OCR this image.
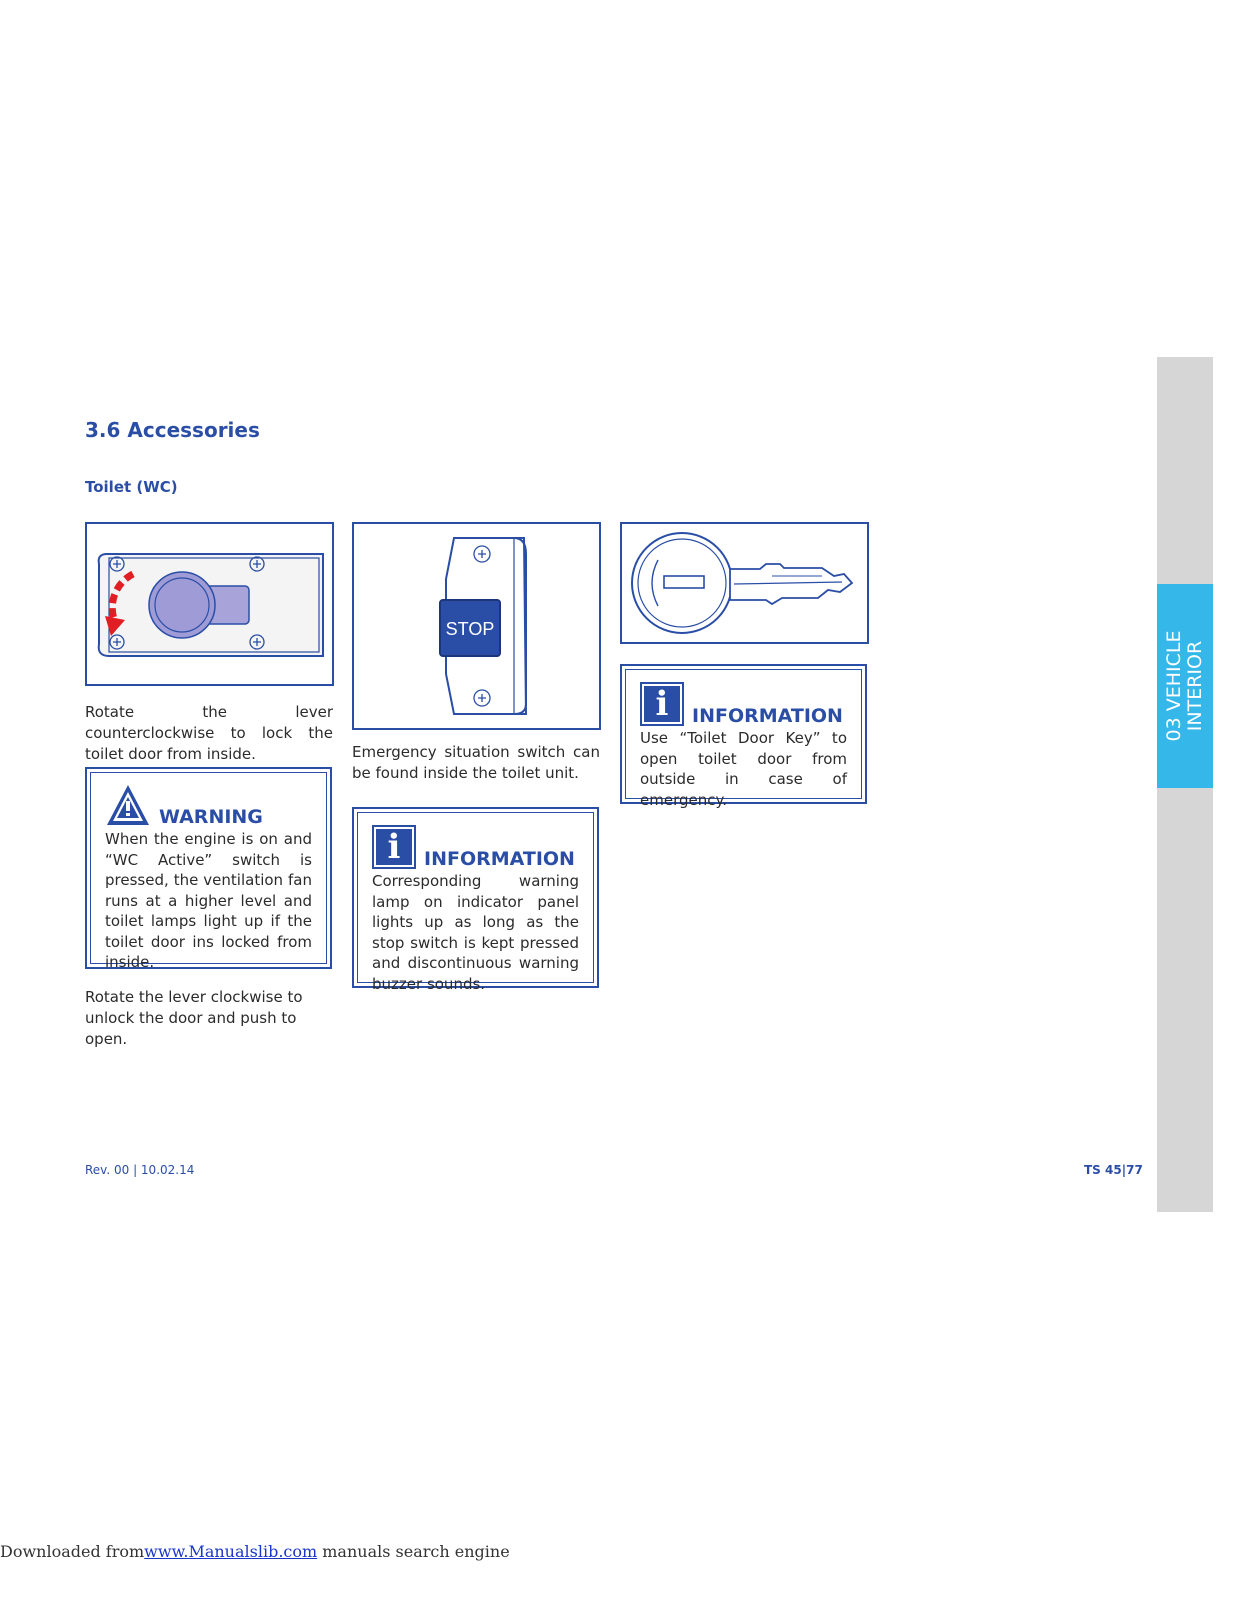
3.6 Accessories
Toilet (WC)
Rotate the lever counterclockwise to lock the toilet door from inside.
STOP
Emergency situation switch can be found inside the toilet unit.
WARNING
When the engine is on and “WC Active” switch is pressed, the ventilation fan runs at a higher level and toilet lamps light up if the toilet door ins locked from inside.
Rotate the lever clockwise to unlock the door and push to open.
i	INFORMATION
Corresponding warning lamp on indicator panel lights up as long as the stop switch is kept pressed and discontinuous warning buzzer sounds.
i	INFORMATION
Use “Toilet Door Key” to open toilet door from outside in case of emergency.
03 VEHICLE INTERIOR
Rev. 00 | 10.02.14	TS 45|77
Downloaded fromwww.Manualslib.com manuals search engine
